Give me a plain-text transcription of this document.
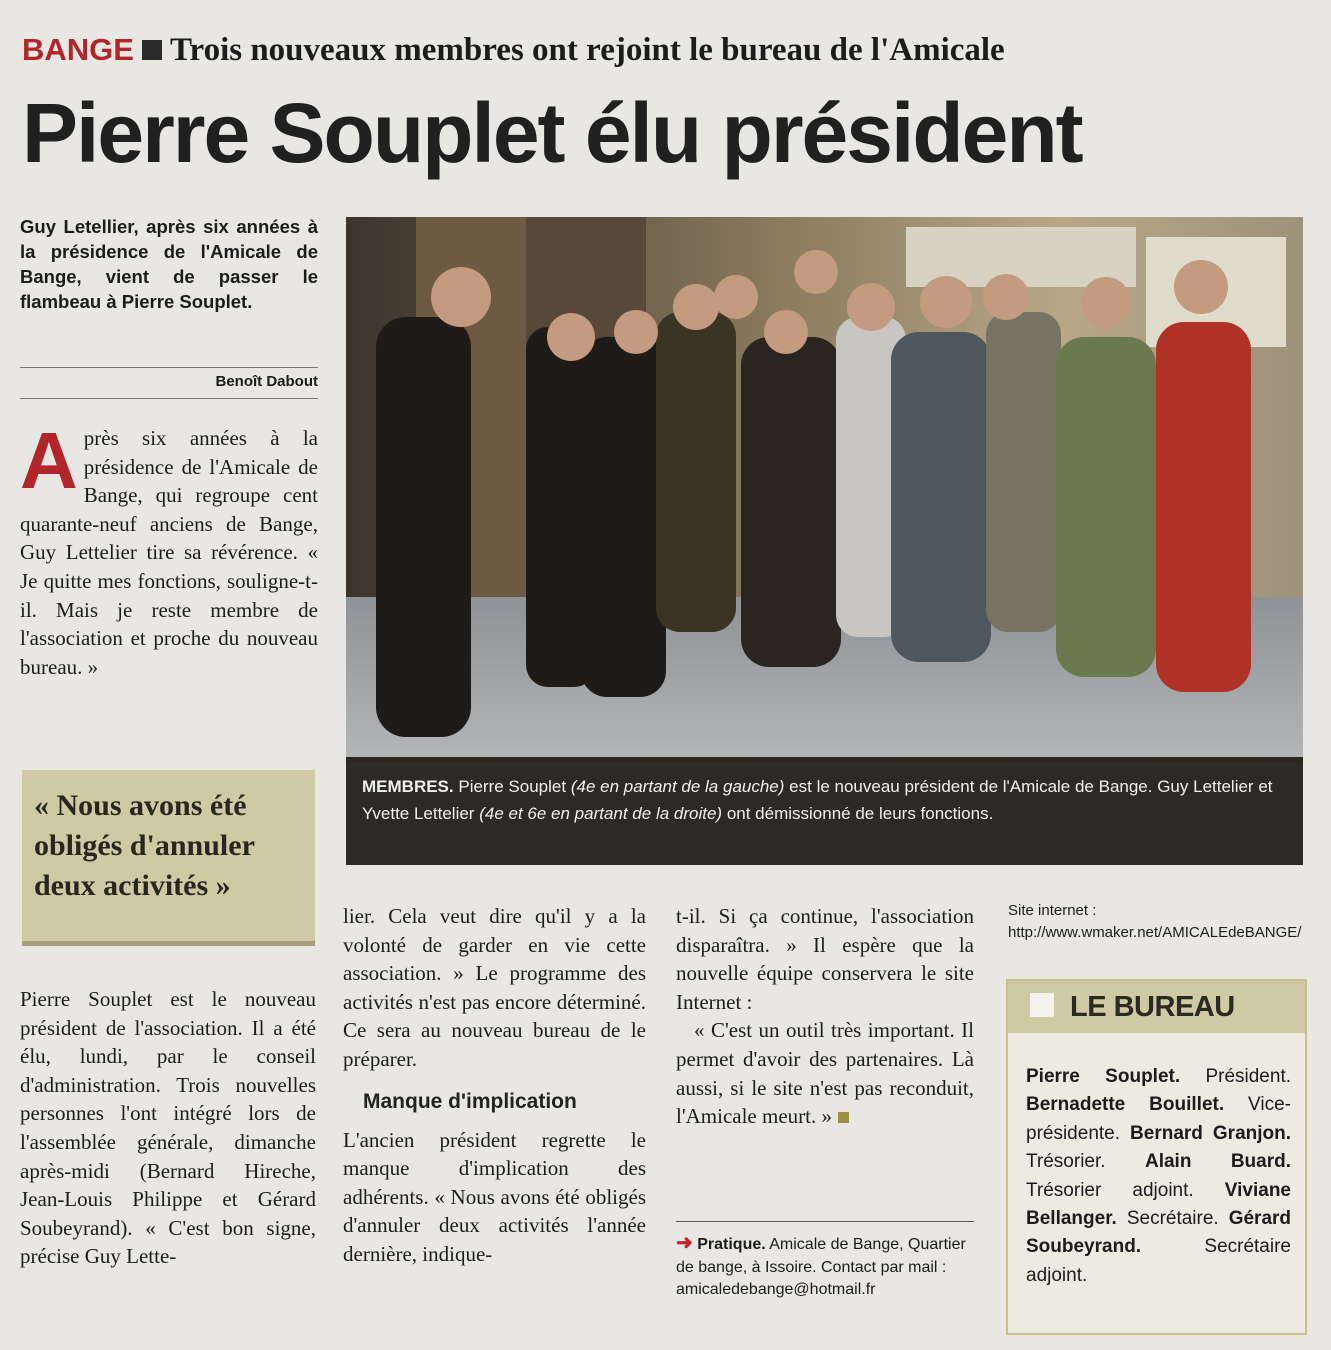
BANGE Trois nouveaux membres ont rejoint le bureau de l'Amicale
Pierre Souplet élu président
Guy Letellier, après six années à la présidence de l'Amicale de Bange, vient de passer le flambeau à Pierre Souplet.
Benoît Dabout
Après six années à la présidence de l'Amicale de Bange, qui regroupe cent quarante-neuf anciens de Bange, Guy Lettelier tire sa révérence. « Je quitte mes fonctions, souligne-t-il. Mais je reste membre de l'association et proche du nouveau bureau. »
« Nous avons été obligés d'annuler deux activités »
Pierre Souplet est le nouveau président de l'association. Il a été élu, lundi, par le conseil d'administration. Trois nouvelles personnes l'ont intégré lors de l'assemblée générale, dimanche après-midi (Bernard Hireche, Jean-Louis Philippe et Gérard Soubeyrand). « C'est bon signe, précise Guy Lette-
lier. Cela veut dire qu'il y a la volonté de garder en vie cette association. » Le programme des activités n'est pas encore déterminé. Ce sera au nouveau bureau de le préparer.
Manque d'implication
L'ancien président regrette le manque d'implication des adhérents. « Nous avons été obligés d'annuler deux activités l'année dernière, indique-
t-il. Si ça continue, l'association disparaîtra. » Il espère que la nouvelle équipe conservera le site Internet :
« C'est un outil très important. Il permet d'avoir des partenaires. Là aussi, si le site n'est pas reconduit, l'Amicale meurt. »
MEMBRES. Pierre Souplet (4e en partant de la gauche) est le nouveau président de l'Amicale de Bange. Guy Lettelier et Yvette Lettelier (4e et 6e en partant de la droite) ont démissionné de leurs fonctions.
Site internet : http://www.wmaker.net/AMICALEdeBANGE/
LE BUREAU
Pierre Souplet. Président. Bernadette Bouillet. Vice-présidente. Bernard Granjon. Trésorier. Alain Buard. Trésorier adjoint. Viviane Bellanger. Secrétaire. Gérard Soubeyrand.	Secrétaire adjoint.
➜ Pratique. Amicale de Bange, Quartier de bange, à Issoire. Contact par mail : amicaledebange@hotmail.fr
